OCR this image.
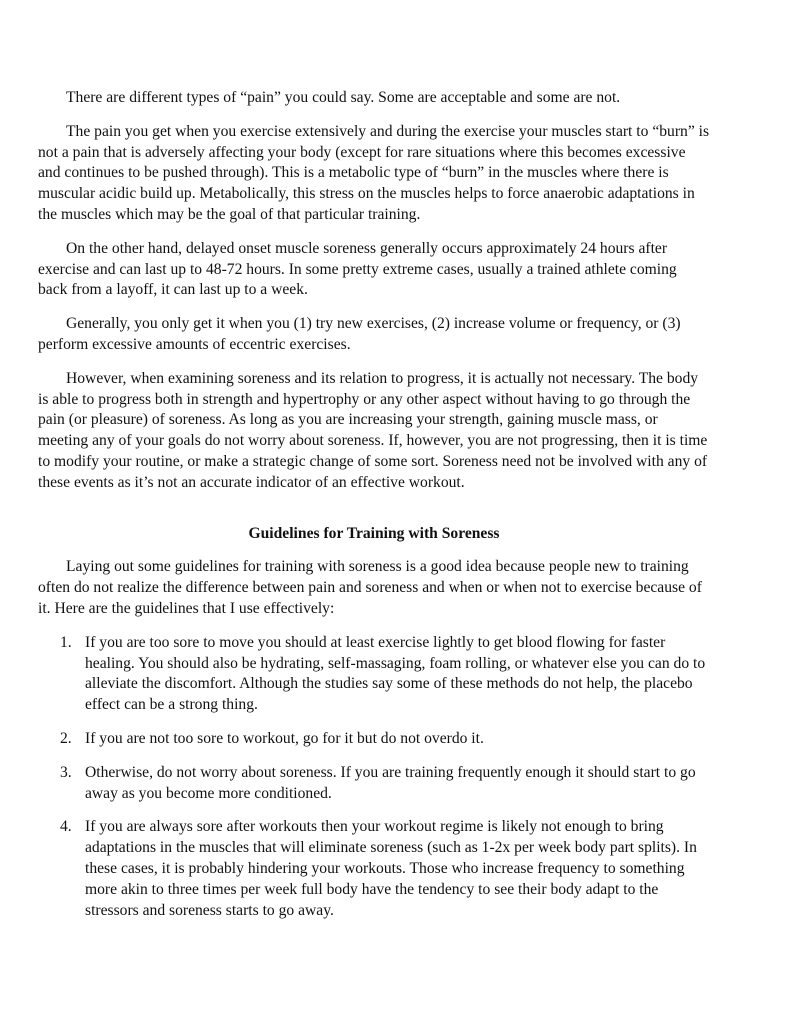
There are different types of “pain” you could say. Some are acceptable and some are not.

The pain you get when you exercise extensively and during the exercise your muscles start to “burn” is not a pain that is adversely affecting your body (except for rare situations where this becomes excessive and continues to be pushed through). This is a metabolic type of “burn” in the muscles where there is muscular acidic build up. Metabolically, this stress on the muscles helps to force anaerobic adaptations in the muscles which may be the goal of that particular training.

On the other hand, delayed onset muscle soreness generally occurs approximately 24 hours after exercise and can last up to 48-72 hours. In some pretty extreme cases, usually a trained athlete coming back from a layoff, it can last up to a week.

Generally, you only get it when you (1) try new exercises, (2) increase volume or frequency, or (3) perform excessive amounts of eccentric exercises.

However, when examining soreness and its relation to progress, it is actually not necessary. The body is able to progress both in strength and hypertrophy or any other aspect without having to go through the pain (or pleasure) of soreness. As long as you are increasing your strength, gaining muscle mass, or meeting any of your goals do not worry about soreness. If, however, you are not progressing, then it is time to modify your routine, or make a strategic change of some sort. Soreness need not be involved with any of these events as it’s not an accurate indicator of an effective workout.

Guidelines for Training with Soreness

Laying out some guidelines for training with soreness is a good idea because people new to training often do not realize the difference between pain and soreness and when or when not to exercise because of it. Here are the guidelines that I use effectively:

1. If you are too sore to move you should at least exercise lightly to get blood flowing for faster healing. You should also be hydrating, self-massaging, foam rolling, or whatever else you can do to alleviate the discomfort. Although the studies say some of these methods do not help, the placebo effect can be a strong thing.
2. If you are not too sore to workout, go for it but do not overdo it.
3. Otherwise, do not worry about soreness. If you are training frequently enough it should start to go away as you become more conditioned.
4. If you are always sore after workouts then your workout regime is likely not enough to bring adaptations in the muscles that will eliminate soreness (such as 1-2x per week body part splits). In these cases, it is probably hindering your workouts. Those who increase frequency to something more akin to three times per week full body have the tendency to see their body adapt to the stressors and soreness starts to go away.
